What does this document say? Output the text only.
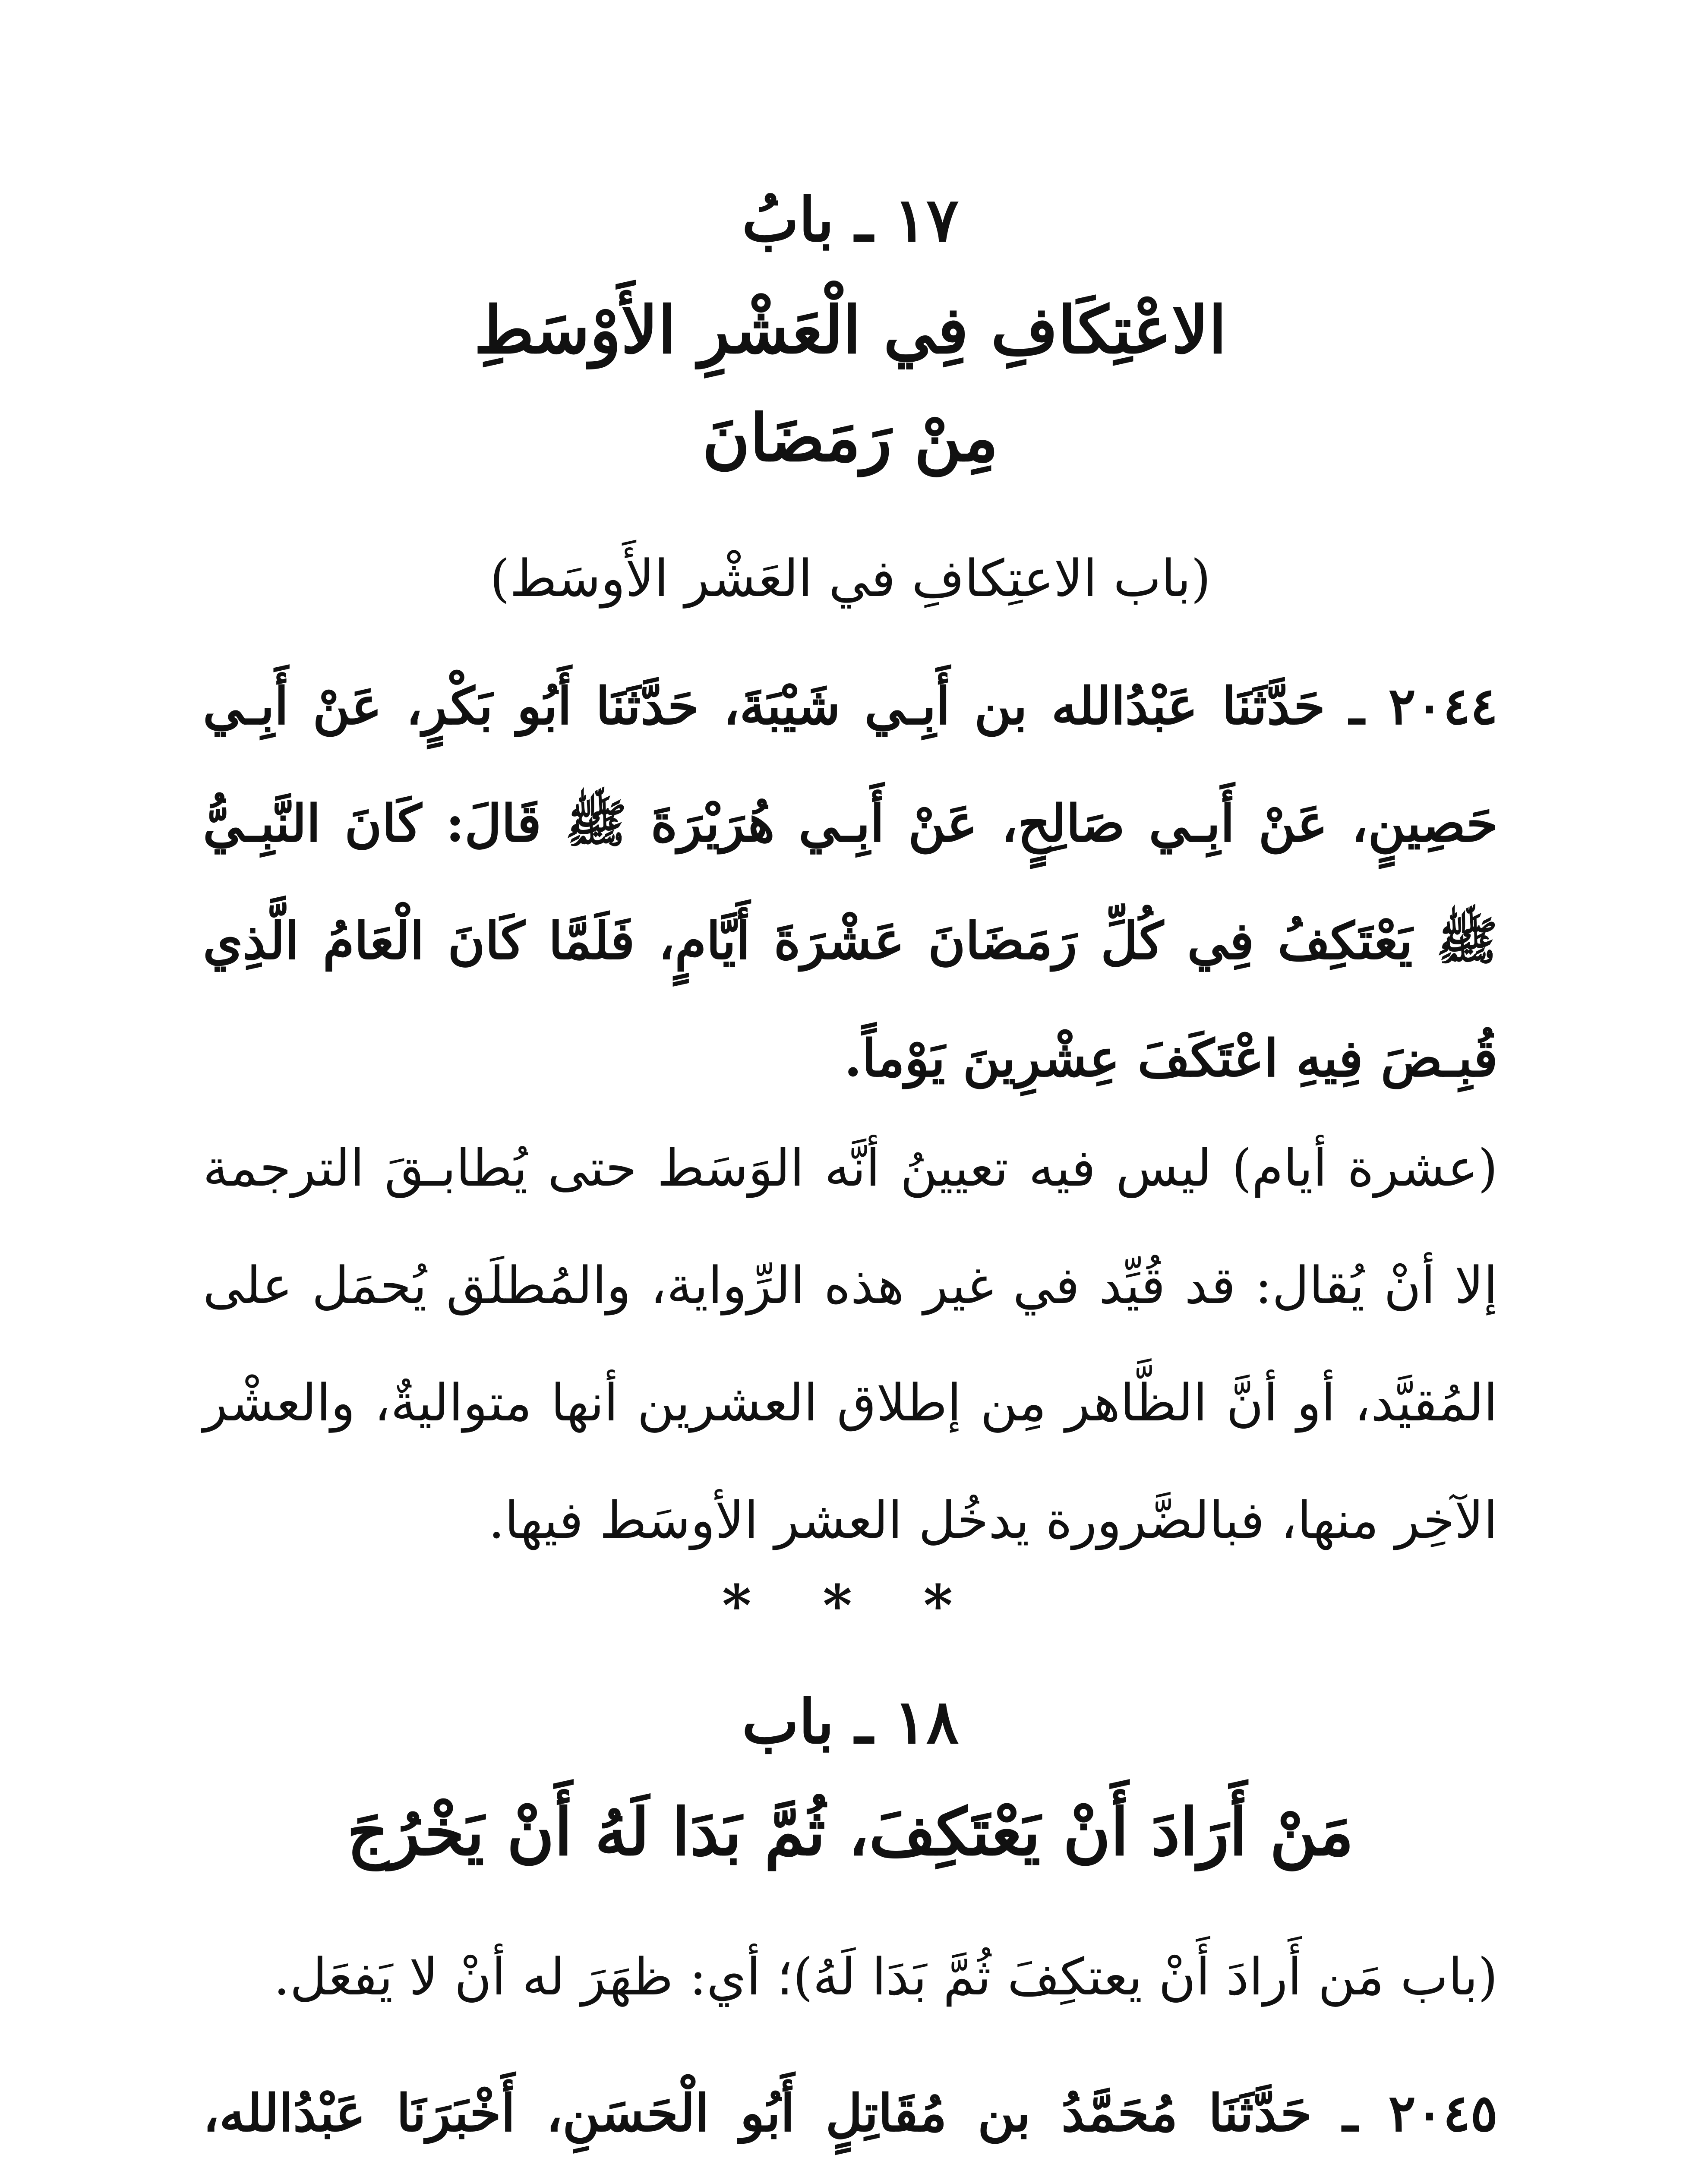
١٧ ـ بابُ
الاعْتِكَافِ فِي الْعَشْرِ الأَوْسَطِ
مِنْ رَمَضَانَ

(باب الاعتِكافِ في العَشْر الأَوسَط)

٢٠٤٤ ـ حَدَّثَنَا عَبْدُالله بن أَبِـي شَيْبَةَ، حَدَّثَنَا أَبُو بَكْرٍ، عَنْ أَبِـي حَصِينٍ، عَنْ أَبِـي صَالِحٍ، عَنْ أَبِـي هُرَيْرَةَ ﷺ قَالَ: كَانَ النَّبِـيُّ ﷺ يَعْتَكِفُ فِي كُلِّ رَمَضَانَ عَشْرَةَ أَيَّامٍ، فَلَمَّا كَانَ الْعَامُ الَّذِي قُبِـضَ فِيهِ اعْتَكَفَ عِشْرِينَ يَوْماً.

(عشرة أيام) ليس فيه تعيينُ أنَّه الوَسَط حتى يُطابـقَ الترجمة إلا أنْ يُقال: قد قُيِّد في غير هذه الرِّواية، والمُطلَق يُحمَل على المُقيَّد، أو أنَّ الظَّاهر مِن إطلاق العشرين أنها متواليةٌ، والعشْر الآخِر منها، فبالضَّرورة يدخُل العشر الأوسَط فيها.

* * *
١٨ ـ باب
مَنْ أَرَادَ أَنْ يَعْتَكِفَ، ثُمَّ بَدَا لَهُ أَنْ يَخْرُجَ

(باب مَن أَرادَ أَنْ يعتكِفَ ثُمَّ بَدَا لَهُ)؛ أي: ظهَرَ له أنْ لا يَفعَل.

٢٠٤٥ ـ حَدَّثَنَا مُحَمَّدُ بن مُقَاتِلٍ أَبُو الْحَسَنِ، أَخْبَرَنَا عَبْدُالله،
